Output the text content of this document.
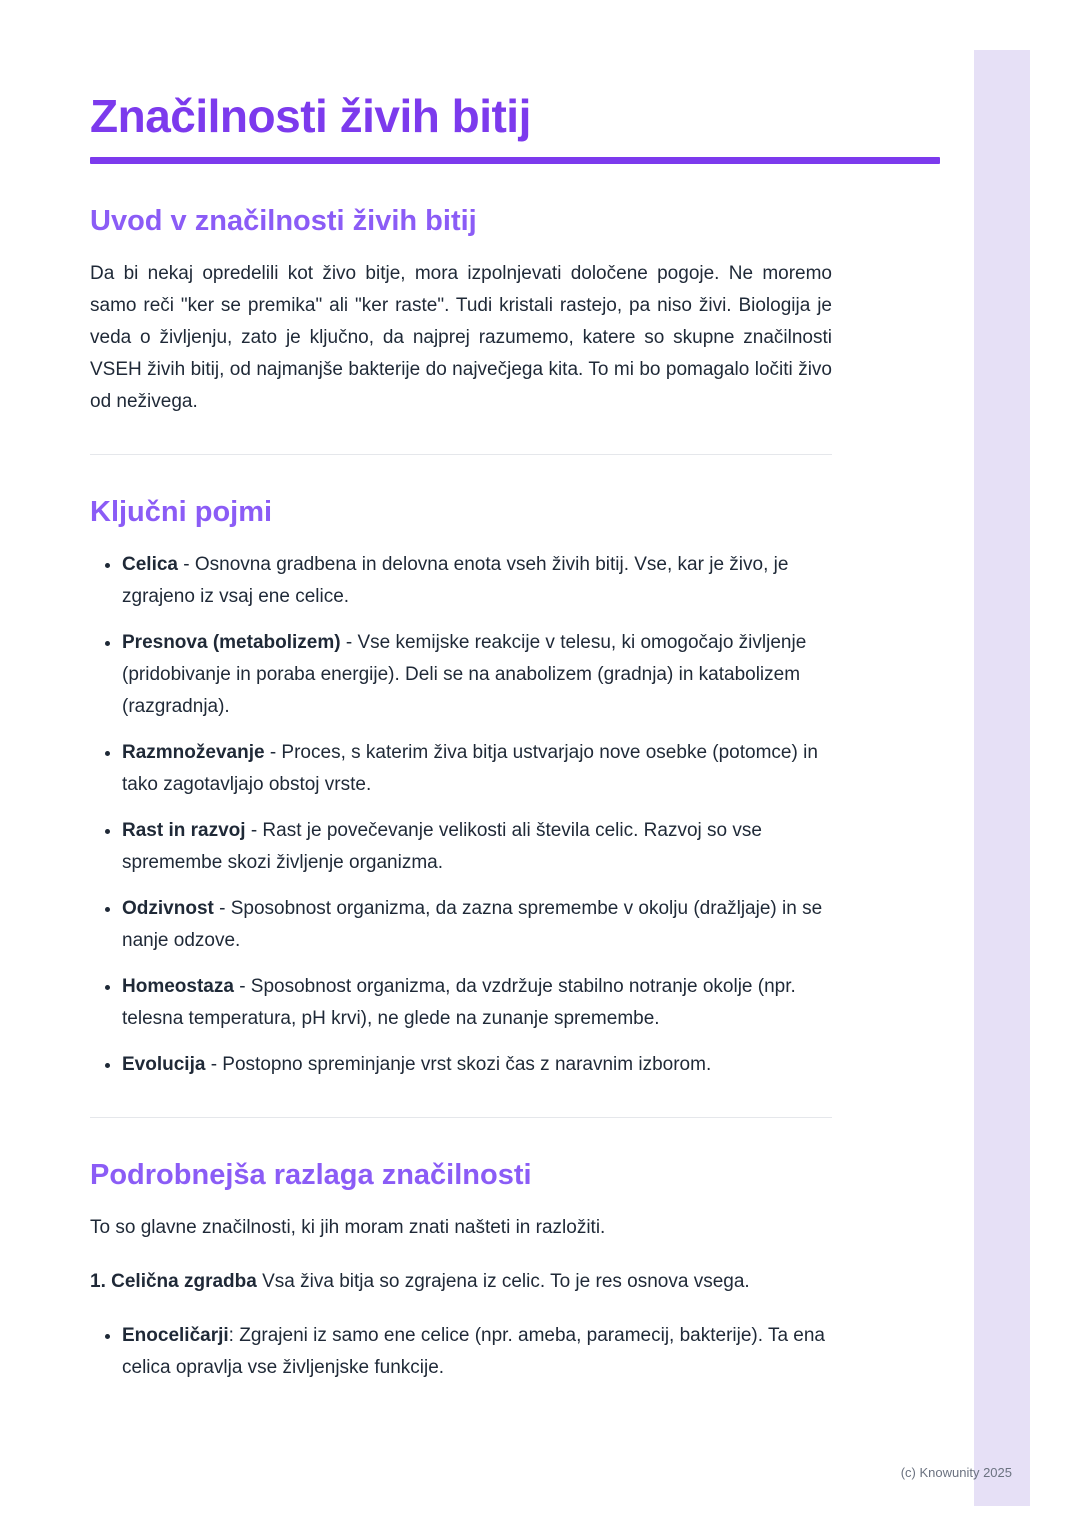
Značilnosti živih bitij
Uvod v značilnosti živih bitij

Da bi nekaj opredelili kot živo bitje, mora izpolnjevati določene pogoje. Ne moremo samo reči "ker se premika" ali "ker raste". Tudi kristali rastejo, pa niso živi. Biologija je veda o življenju, zato je ključno, da najprej razumemo, katere so skupne značilnosti VSEH živih bitij, od najmanjše bakterije do največjega kita. To mi bo pomagalo ločiti živo od neživega.

Ključni pojmi
• Celica - Osnovna gradbena in delovna enota vseh živih bitij. Vse, kar je živo, je zgrajeno iz vsaj ene celice.
• Presnova (metabolizem) - Vse kemijske reakcije v telesu, ki omogočajo življenje (pridobivanje in poraba energije). Deli se na anabolizem (gradnja) in katabolizem (razgradnja).
• Razmnoževanje - Proces, s katerim živa bitja ustvarjajo nove osebke (potomce) in tako zagotavljajo obstoj vrste.
• Rast in razvoj - Rast je povečevanje velikosti ali števila celic. Razvoj so vse spremembe skozi življenje organizma.
• Odzivnost - Sposobnost organizma, da zazna spremembe v okolju (dražljaje) in se nanje odzove.
• Homeostaza - Sposobnost organizma, da vzdržuje stabilno notranje okolje (npr. telesna temperatura, pH krvi), ne glede na zunanje spremembe.
• Evolucija - Postopno spreminjanje vrst skozi čas z naravnim izborom.
Podrobnejša razlaga značilnosti

To so glavne značilnosti, ki jih moram znati našteti in razložiti.

1. Celična zgradba Vsa živa bitja so zgrajena iz celic. To je res osnova vsega.

• Enoceličarji: Zgrajeni iz samo ene celice (npr. ameba, paramecij, bakterije). Ta ena celica opravlja vse življenjske funkcije.
(c) Knowunity 2025
